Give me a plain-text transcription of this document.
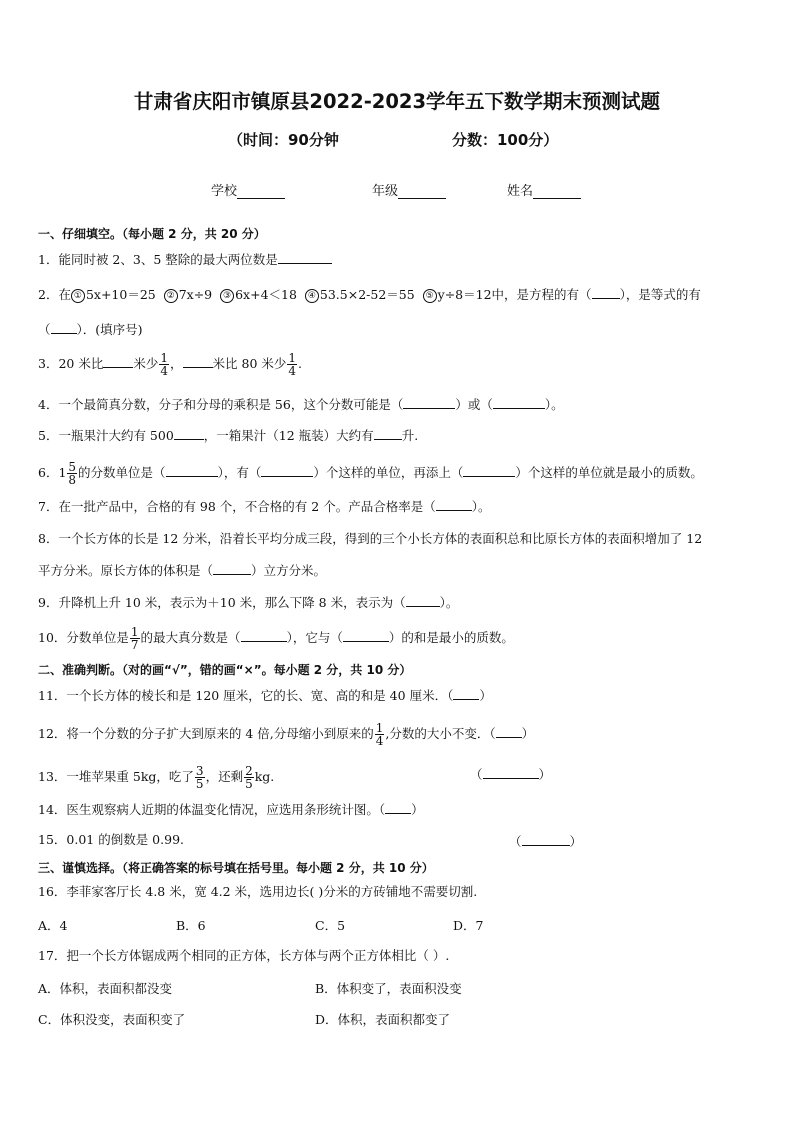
甘肃省庆阳市镇原县2022-2023学年五下数学期末预测试题
（时间：90分钟	分数：100分）
学校	年级	姓名
一、仔细填空。（每小题 2 分，共 20 分）
1．能同时被 2、3、5 整除的最大两位数是
2．在 ① 5x+10＝25 ② 7x÷9 ③ 6x+4＜18 ④ 53.5×2-52＝55 ⑤ y÷8＝12中，是方程的有（ ），是等式的有
（ ）．(填序号)
3．20 米比 米少 $\frac{1}{4}$ ， 米比 80 米少 $\frac{1}{4}$ .
4．一个最简真分数，分子和分母的乘积是 56，这个分数可能是（	）或（	）。
5．一瓶果汁大约有 500 ，一箱果汁（12 瓶装）大约有 升.
6．$1 \frac{5}{8}$ 的分数单位是（	），有（	）个这样的单位，再添上（	）个这样的单位就是最小的质数。
7．在一批产品中，合格的有 98 个，不合格的有 2 个。产品合格率是（	）。
8．一个长方体的长是 12 分米，沿着长平均分成三段，得到的三个小长方体的表面积总和比原长方体的表面积增加了 12
平方分米。原长方体的体积是（	）立方分米。
9．升降机上升 10 米，表示为＋10 米，那么下降 8 米，表示为（	）。
10．分数单位是 $\frac{1}{7}$ 的最大真分数是（	），它与（	）的和是最小的质数。
二、准确判断。（对的画“√”，错的画“×”。每小题 2 分，共 10 分）
11．一个长方体的棱长和是 120 厘米，它的长、宽、高的和是 40 厘米．（ ）
12．将一个分数的分子扩大到原来的 4 倍,分母缩小到原来的 $\frac{1}{4}$ ,分数的大小不变．（ ）
13．一堆苹果重 5kg，吃了 $\frac{3}{5}$ ，还剩 $\frac{2}{5}$ kg.	（	）
14．医生观察病人近期的体温变化情况，应选用条形统计图。（ ）
15．0.01 的倒数是 0.99.	（	）
三、谨慎选择。（将正确答案的标号填在括号里。每小题 2 分，共 10 分）
16．李菲家客厅长 4.8 米，宽 4.2 米，选用边长( )分米的方砖铺地不需要切割.
A．4	B．6	C．5	D．7
17．把一个长方体锯成两个相同的正方体，长方体与两个正方体相比（ ）.
A．体积，表面积都没变	B．体积变了，表面积没变
C．体积没变，表面积变了	D．体积，表面积都变了
